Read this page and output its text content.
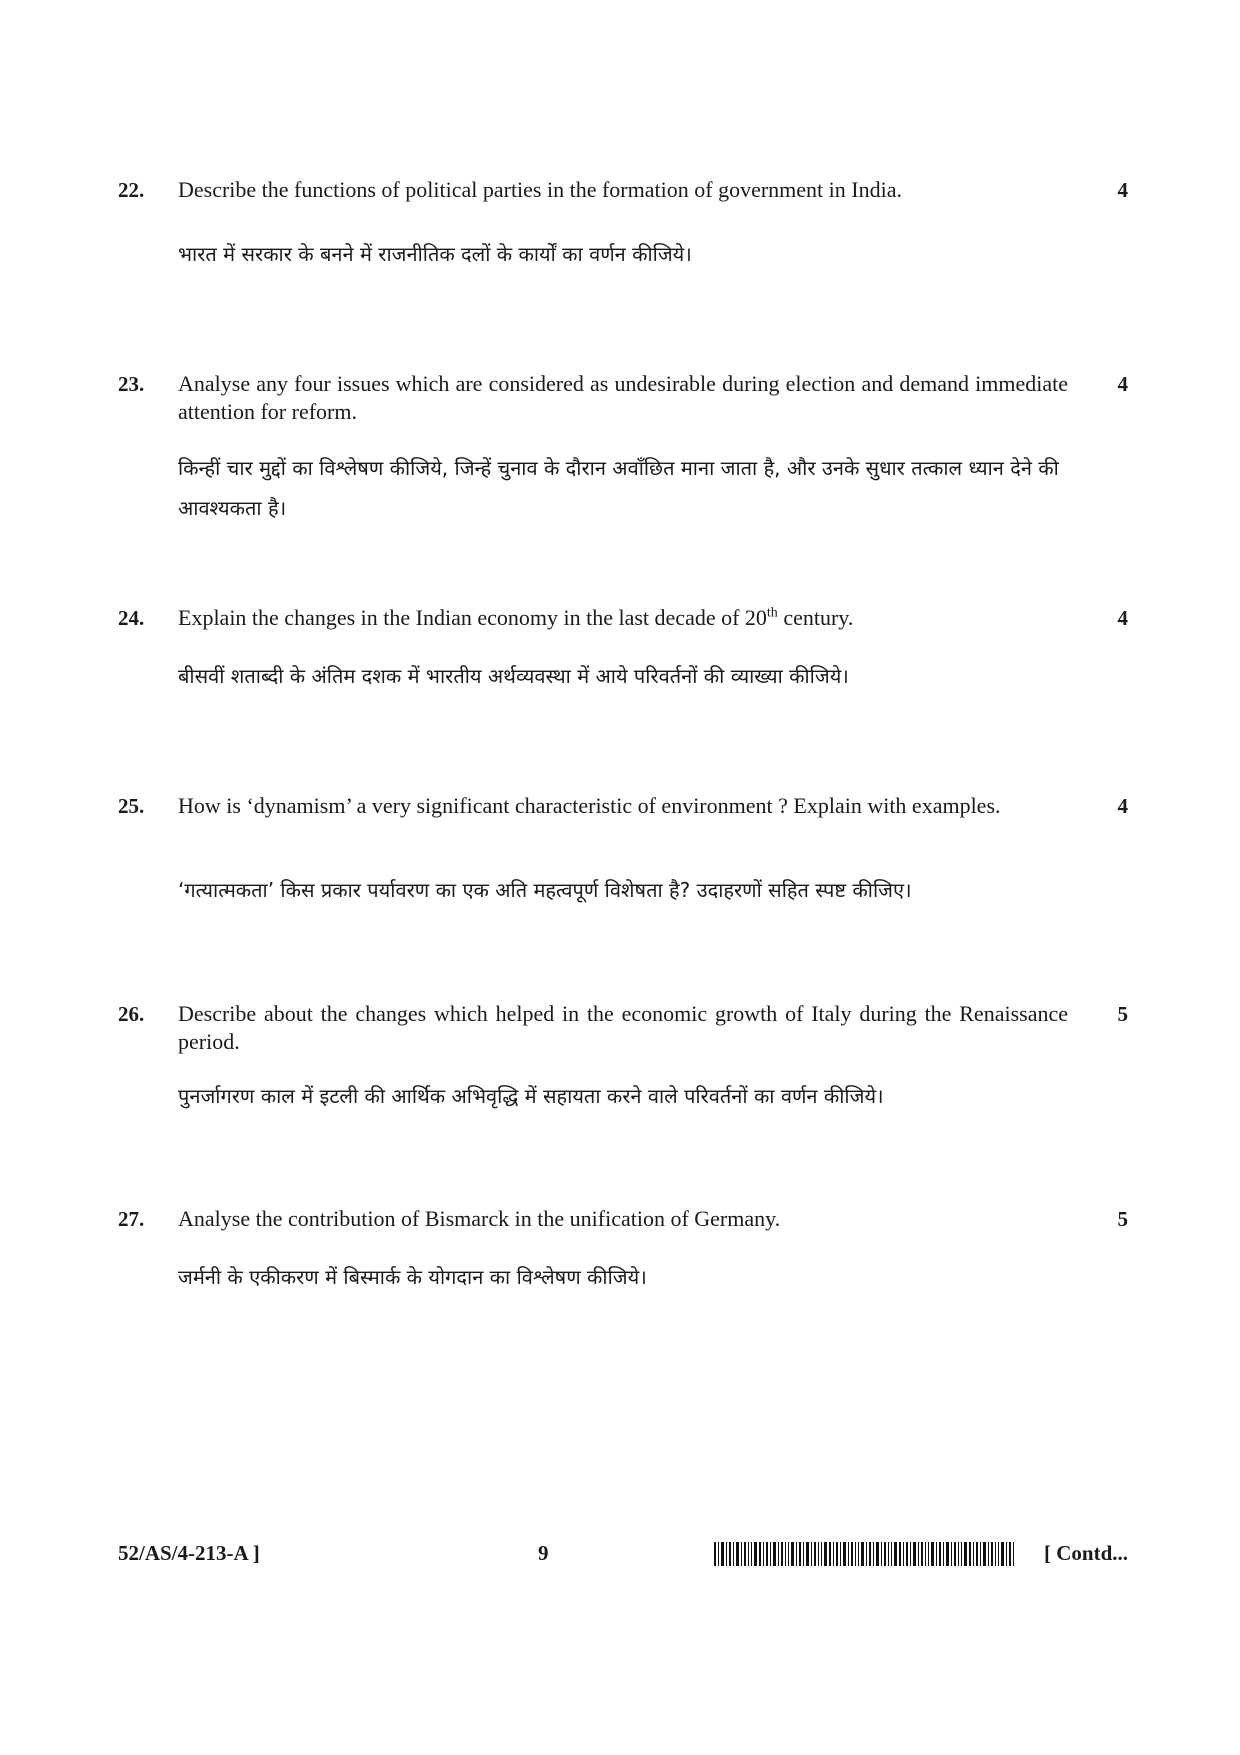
22. Describe the functions of political parties in the formation of government in India.	4
भारत में सरकार के बनने में राजनीतिक दलों के कार्यों का वर्णन कीजिये।
23. Analyse any four issues which are considered as undesirable during election and demand immediate attention for reform.
4
किन्हीं चार मुद्दों का विश्लेषण कीजिये, जिन्हें चुनाव के दौरान अवाँछित माना जाता है, और उनके सुधार तत्काल ध्यान देने की आवश्यकता है।
24. Explain the changes in the Indian economy in the last decade of 20th century.	4
बीसवीं शताब्दी के अंतिम दशक में भारतीय अर्थव्यवस्था में आये परिवर्तनों की व्याख्या कीजिये।
25. How is ‘dynamism’ a very significant characteristic of environment ? Explain with examples.	4
‘गत्यात्मकता’ किस प्रकार पर्यावरण का एक अति महत्वपूर्ण विशेषता है? उदाहरणों सहित स्पष्ट कीजिए।
26. Describe about the changes which helped in the economic growth of Italy during the Renaissance period.
5
पुनर्जागरण काल में इटली की आर्थिक अभिवृद्धि में सहायता करने वाले परिवर्तनों का वर्णन कीजिये।
27. Analyse the contribution of Bismarck in the unification of Germany.	5
जर्मनी के एकीकरण में बिस्मार्क के योगदान का विश्लेषण कीजिये।
52/AS/4-213-A ]	9	[ Contd...
